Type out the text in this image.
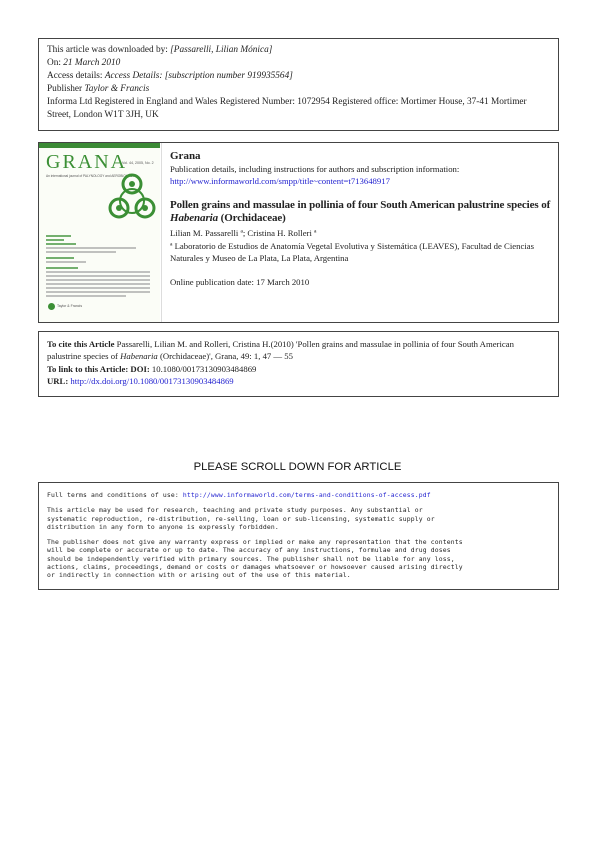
This article was downloaded by: [Passarelli, Lilian Mónica]
On: 21 March 2010
Access details: Access Details: [subscription number 919935564]
Publisher Taylor & Francis
Informa Ltd Registered in England and Wales Registered Number: 1072954 Registered office: Mortimer House, 37-41 Mortimer Street, London W1T 3JH, UK
GRANA
Vol. 44, 2005, No. 2
An international journal of PALYNOLOGY and AEROBIOLOGY
Taylor & Francis
Grana
Publication details, including instructions for authors and subscription information:
http://www.informaworld.com/smpp/title~content=t713648917
Pollen grains and massulae in pollinia of four South American palustrine species of Habenaria (Orchidaceae)
Lilian M. Passarelli ª; Cristina H. Rolleri ª
ª Laboratorio de Estudios de Anatomía Vegetal Evolutiva y Sistemática (LEAVES), Facultad de Ciencias Naturales y Museo de La Plata, La Plata, Argentina
Online publication date: 17 March 2010
To cite this Article Passarelli, Lilian M. and Rolleri, Cristina H.(2010) 'Pollen grains and massulae in pollinia of four South American palustrine species of Habenaria (Orchidaceae)', Grana, 49: 1, 47 — 55
To link to this Article: DOI: 10.1080/00173130903484869
URL: http://dx.doi.org/10.1080/00173130903484869
PLEASE SCROLL DOWN FOR ARTICLE

Full terms and conditions of use: http://www.informaworld.com/terms-and-conditions-of-access.pdf

This article may be used for research, teaching and private study purposes. Any substantial or
systematic reproduction, re-distribution, re-selling, loan or sub-licensing, systematic supply or
distribution in any form to anyone is expressly forbidden.

The publisher does not give any warranty express or implied or make any representation that the contents
will be complete or accurate or up to date. The accuracy of any instructions, formulae and drug doses
should be independently verified with primary sources. The publisher shall not be liable for any loss,
actions, claims, proceedings, demand or costs or damages whatsoever or howsoever caused arising directly
or indirectly in connection with or arising out of the use of this material.
